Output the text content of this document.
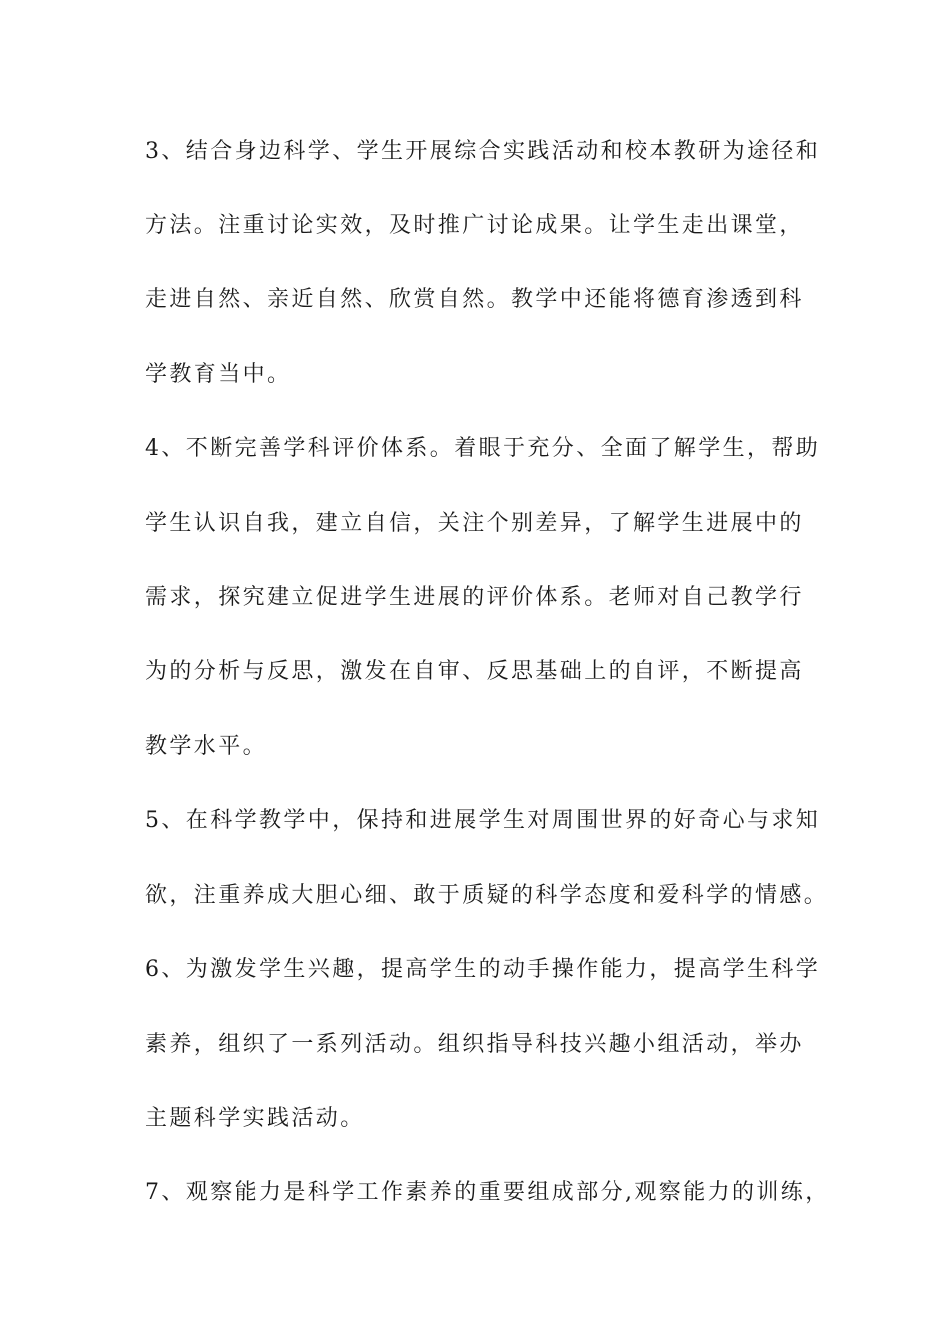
3、结合身边科学、学生开展综合实践活动和校本教研为途径和
方法。注重讨论实效，及时推广讨论成果。让学生走出课堂，
走进自然、亲近自然、欣赏自然。教学中还能将德育渗透到科
学教育当中。
4、不断完善学科评价体系。着眼于充分、全面了解学生，帮助
学生认识自我，建立自信，关注个别差异，了解学生进展中的
需求，探究建立促进学生进展的评价体系。老师对自己教学行
为的分析与反思，激发在自审、反思基础上的自评，不断提高
教学水平。
5、在科学教学中，保持和进展学生对周围世界的好奇心与求知
欲，注重养成大胆心细、敢于质疑的科学态度和爱科学的情感。
6、为激发学生兴趣，提高学生的动手操作能力，提高学生科学
素养，组织了一系列活动。组织指导科技兴趣小组活动，举办
主题科学实践活动。
7、观察能力是科学工作素养的重要组成部分,观察能力的训练，
